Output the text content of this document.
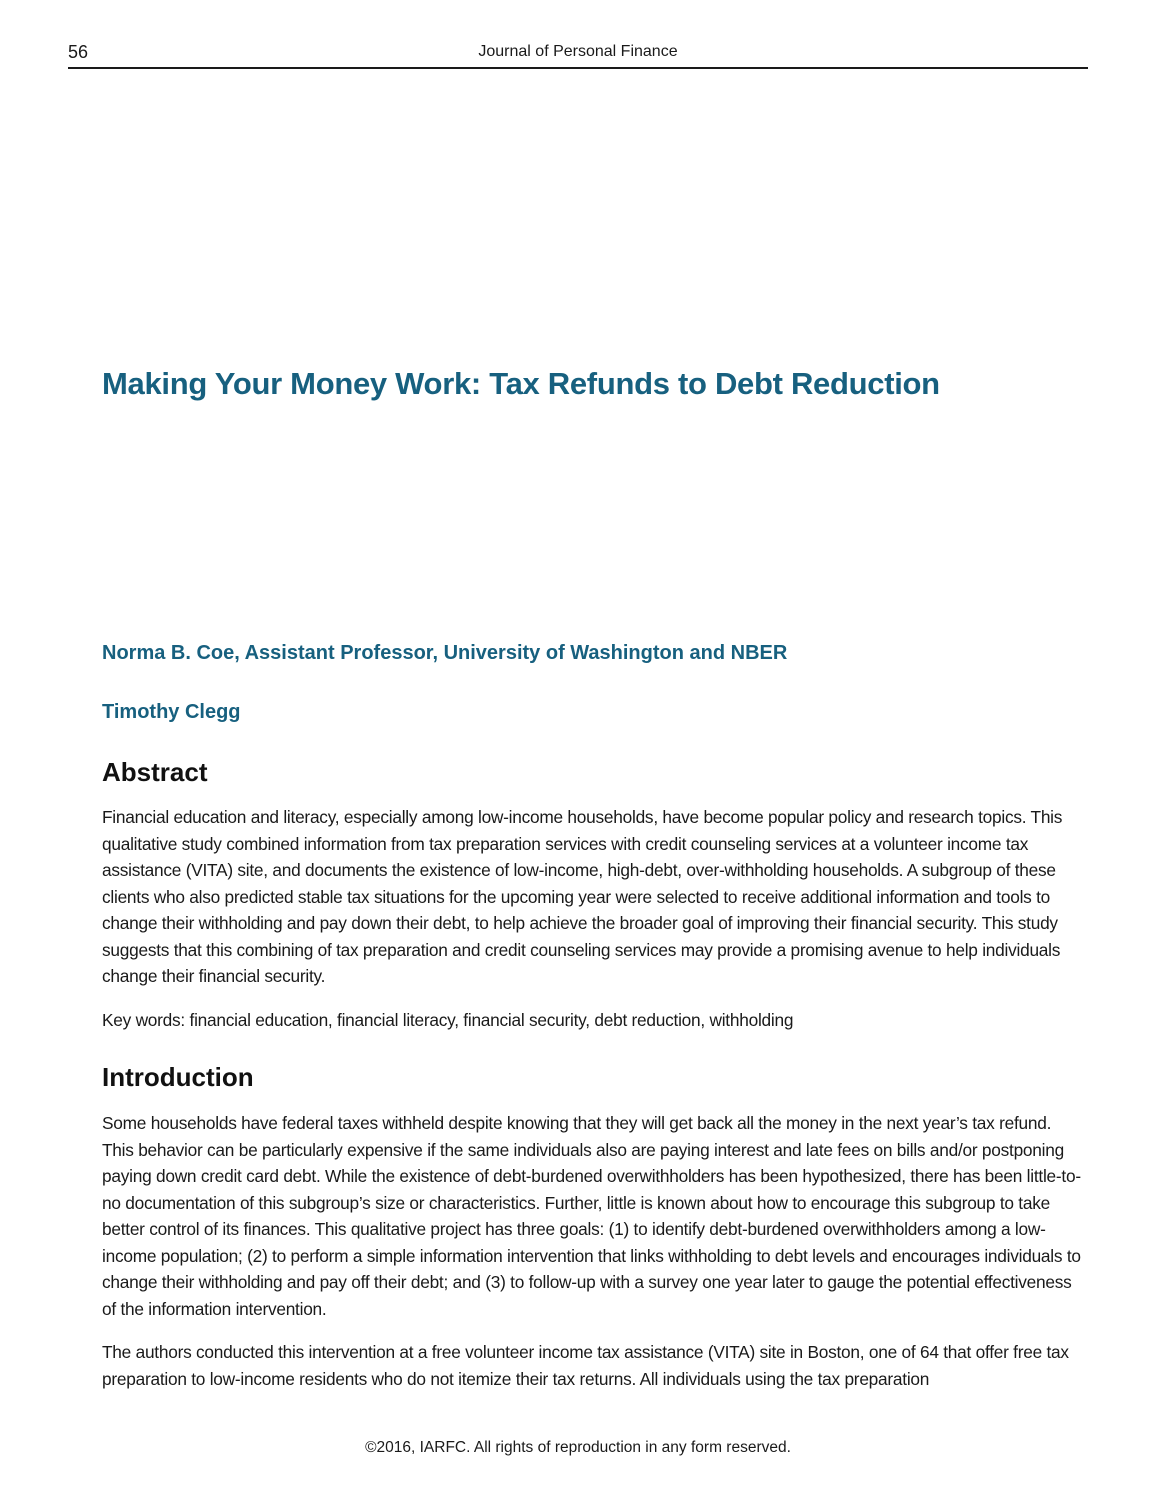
56	Journal of Personal Finance
Making Your Money Work: Tax Refunds to Debt Reduction

Norma B. Coe, Assistant Professor, University of Washington and NBER

Timothy Clegg

Abstract

Financial education and literacy, especially among low-income households, have become popular policy and research topics. This qualitative study combined information from tax preparation services with credit counseling services at a volunteer income tax assistance (VITA) site, and documents the existence of low-income, high-debt, over-withholding households. A subgroup of these clients who also predicted stable tax situations for the upcoming year were selected to receive additional information and tools to change their withholding and pay down their debt, to help achieve the broader goal of improving their financial security. This study suggests that this combining of tax preparation and credit counseling services may provide a promising avenue to help individuals change their financial security.

Key words: financial education, financial literacy, financial security, debt reduction, withholding

Introduction

Some households have federal taxes withheld despite knowing that they will get back all the money in the next year’s tax refund. This behavior can be particularly expensive if the same individuals also are paying interest and late fees on bills and/or postponing paying down credit card debt. While the existence of debt-burdened overwithholders has been hypothesized, there has been little-to-no documentation of this subgroup’s size or characteristics. Further, little is known about how to encourage this subgroup to take better control of its finances. This qualitative project has three goals: (1) to identify debt-burdened overwithholders among a low-income population; (2) to perform a simple information intervention that links withholding to debt levels and encourages individuals to change their withholding and pay off their debt; and (3) to follow-up with a survey one year later to gauge the potential effectiveness of the information intervention.

The authors conducted this intervention at a free volunteer income tax assistance (VITA) site in Boston, one of 64 that offer free tax preparation to low-income residents who do not itemize their tax returns. All individuals using the tax preparation

©2016, IARFC. All rights of reproduction in any form reserved.
